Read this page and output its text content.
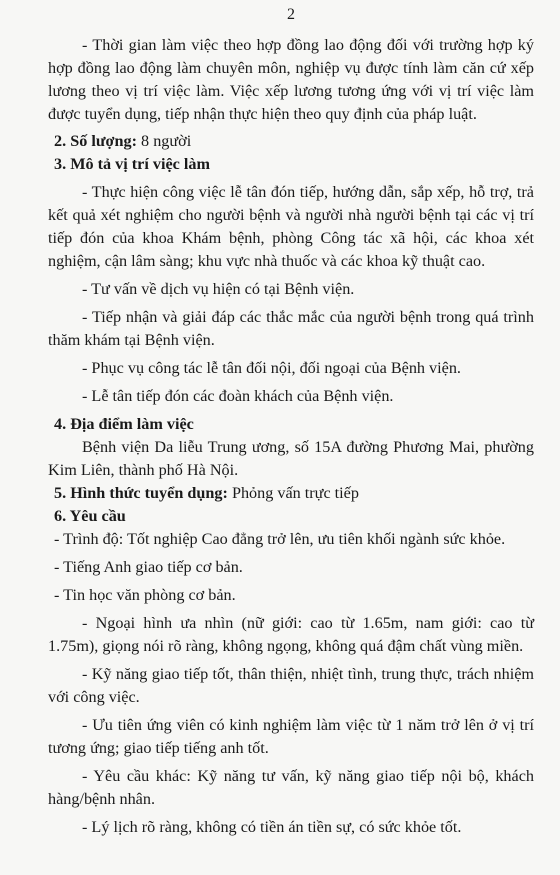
2

- Thời gian làm việc theo hợp đồng lao động đối với trường hợp ký hợp đồng lao động làm chuyên môn, nghiệp vụ được tính làm căn cứ xếp lương theo vị trí việc làm. Việc xếp lương tương ứng với vị trí việc làm được tuyển dụng, tiếp nhận thực hiện theo quy định của pháp luật.

2. Số lượng: 8 người

3. Mô tả vị trí việc làm

- Thực hiện công việc lễ tân đón tiếp, hướng dẫn, sắp xếp, hỗ trợ, trả kết quả xét nghiệm cho người bệnh và người nhà người bệnh tại các vị trí tiếp đón của khoa Khám bệnh, phòng Công tác xã hội, các khoa xét nghiệm, cận lâm sàng; khu vực nhà thuốc và các khoa kỹ thuật cao.

- Tư vấn về dịch vụ hiện có tại Bệnh viện.

- Tiếp nhận và giải đáp các thắc mắc của người bệnh trong quá trình thăm khám tại Bệnh viện.

- Phục vụ công tác lễ tân đối nội, đối ngoại của Bệnh viện.

- Lễ tân tiếp đón các đoàn khách của Bệnh viện.

4. Địa điểm làm việc

Bệnh viện Da liễu Trung ương, số 15A đường Phương Mai, phường Kim Liên, thành phố Hà Nội.

5. Hình thức tuyển dụng: Phỏng vấn trực tiếp

6. Yêu cầu

- Trình độ: Tốt nghiệp Cao đẳng trở lên, ưu tiên khối ngành sức khỏe.

- Tiếng Anh giao tiếp cơ bản.

- Tin học văn phòng cơ bản.

- Ngoại hình ưa nhìn (nữ giới: cao từ 1.65m, nam giới: cao từ 1.75m), giọng nói rõ ràng, không ngọng, không quá đậm chất vùng miền.

- Kỹ năng giao tiếp tốt, thân thiện, nhiệt tình, trung thực, trách nhiệm với công việc.

- Ưu tiên ứng viên có kinh nghiệm làm việc từ 1 năm trở lên ở vị trí tương ứng; giao tiếp tiếng anh tốt.

- Yêu cầu khác: Kỹ năng tư vấn, kỹ năng giao tiếp nội bộ, khách hàng/bệnh nhân.

- Lý lịch rõ ràng, không có tiền án tiền sự, có sức khỏe tốt.
